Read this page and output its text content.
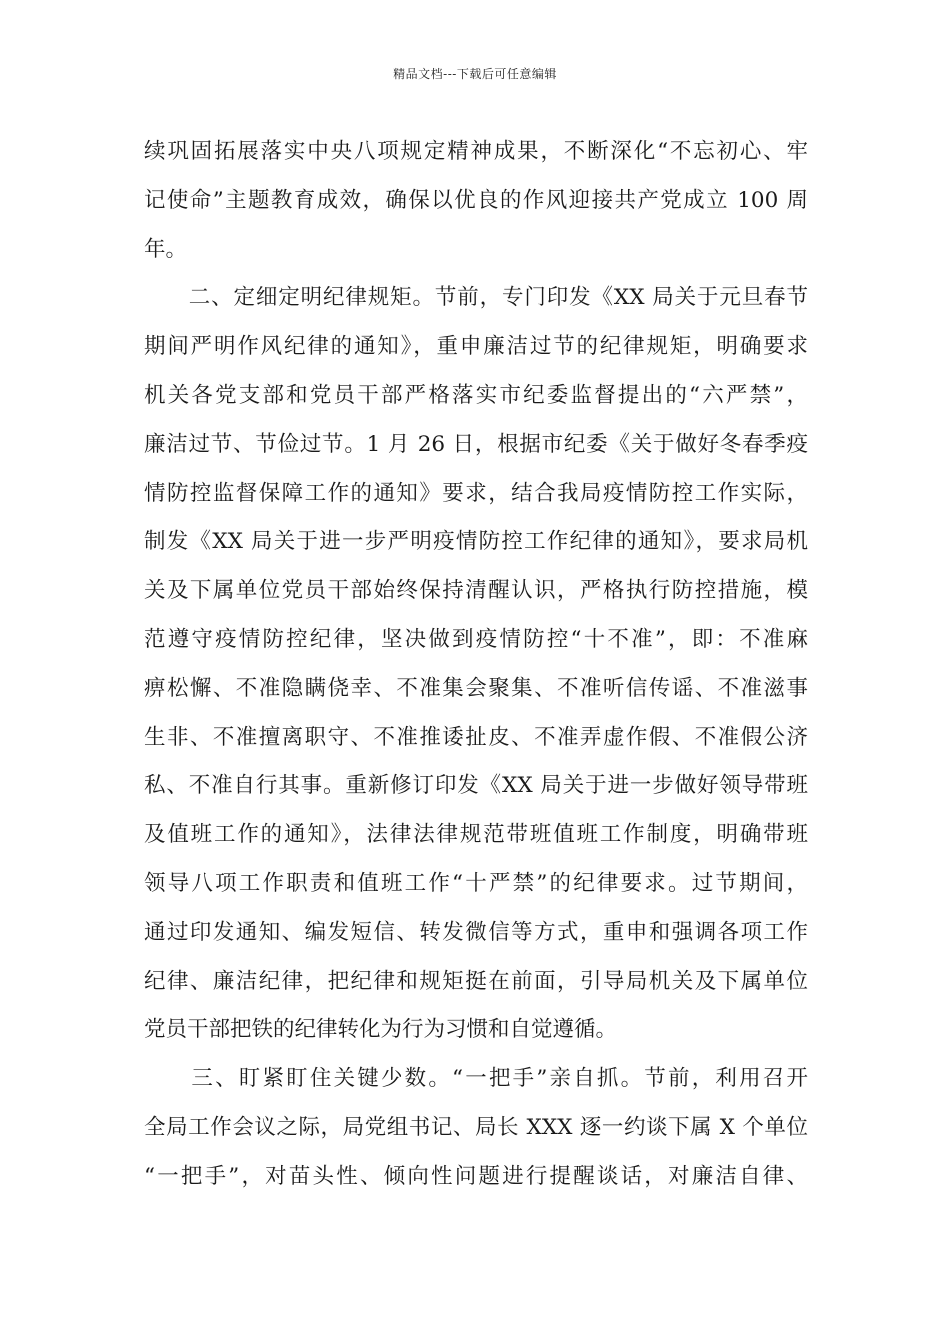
精品文档---下载后可任意编辑
续巩固拓展落实中央八项规定精神成果，不断深化“不忘初心、牢
记使命”主题教育成效，确保以优良的作风迎接共产党成立 100 周
年。
　　二、定细定明纪律规矩。节前，专门印发《XX 局关于元旦春节
期间严明作风纪律的通知》，重申廉洁过节的纪律规矩，明确要求
机关各党支部和党员干部严格落实市纪委监督提出的“六严禁”，
廉洁过节、节俭过节。1 月 26 日，根据市纪委《关于做好冬春季疫
情防控监督保障工作的通知》要求，结合我局疫情防控工作实际，
制发《XX 局关于进一步严明疫情防控工作纪律的通知》，要求局机
关及下属单位党员干部始终保持清醒认识，严格执行防控措施，模
范遵守疫情防控纪律，坚决做到疫情防控“十不准”，即：不准麻
痹松懈、不准隐瞒侥幸、不准集会聚集、不准听信传谣、不准滋事
生非、不准擅离职守、不准推诿扯皮、不准弄虚作假、不准假公济
私、不准自行其事。重新修订印发《XX 局关于进一步做好领导带班
及值班工作的通知》，法律法律规范带班值班工作制度，明确带班
领导八项工作职责和值班工作“十严禁”的纪律要求。过节期间，
通过印发通知、编发短信、转发微信等方式，重申和强调各项工作
纪律、廉洁纪律，把纪律和规矩挺在前面，引导局机关及下属单位
党员干部把铁的纪律转化为行为习惯和自觉遵循。
　　三、盯紧盯住关键少数。“一把手”亲自抓。节前，利用召开
全局工作会议之际，局党组书记、局长 XXX 逐一约谈下属 X 个单位
“一把手”，对苗头性、倾向性问题进行提醒谈话，对廉洁自律、
